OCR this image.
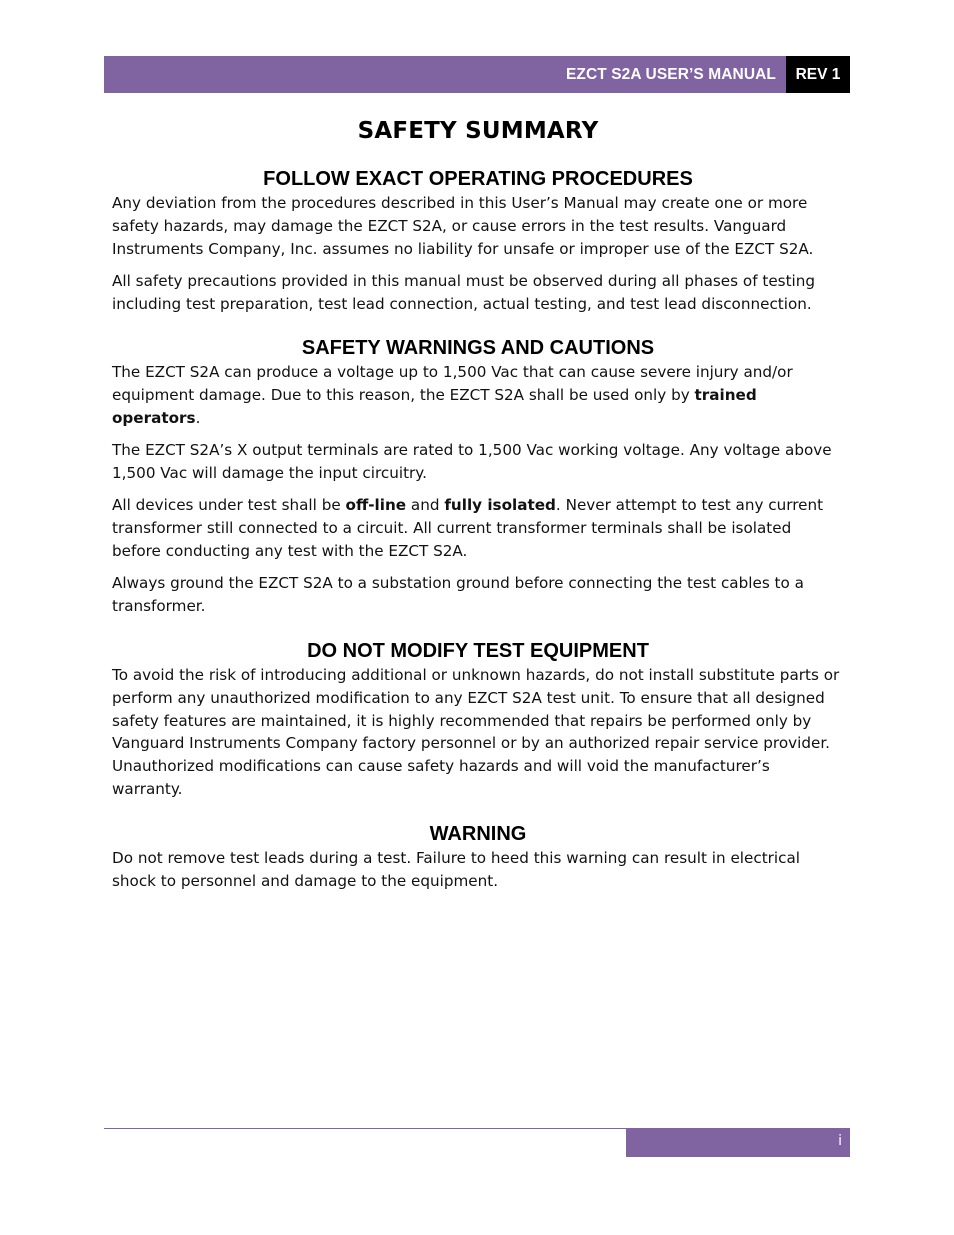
EZCT S2A USER’S MANUAL	REV 1
SAFETY SUMMARY
FOLLOW EXACT OPERATING PROCEDURES

Any deviation from the procedures described in this User’s Manual may create one or more safety hazards, may damage the EZCT S2A, or cause errors in the test results. Vanguard Instruments Company, Inc. assumes no liability for unsafe or improper use of the EZCT S2A.

All safety precautions provided in this manual must be observed during all phases of testing including test preparation, test lead connection, actual testing, and test lead disconnection.

SAFETY WARNINGS AND CAUTIONS

The EZCT S2A can produce a voltage up to 1,500 Vac that can cause severe injury and/or equipment damage. Due to this reason, the EZCT S2A shall be used only by trained operators.

The EZCT S2A’s X output terminals are rated to 1,500 Vac working voltage. Any voltage above 1,500 Vac will damage the input circuitry.

All devices under test shall be off-line and fully isolated. Never attempt to test any current transformer still connected to a circuit. All current transformer terminals shall be isolated before conducting any test with the EZCT S2A.

Always ground the EZCT S2A to a substation ground before connecting the test cables to a transformer.

DO NOT MODIFY TEST EQUIPMENT

To avoid the risk of introducing additional or unknown hazards, do not install substitute parts or perform any unauthorized modification to any EZCT S2A test unit. To ensure that all designed safety features are maintained, it is highly recommended that repairs be performed only by Vanguard Instruments Company factory personnel or by an authorized repair service provider. Unauthorized modifications can cause safety hazards and will void the manufacturer’s warranty.

WARNING

Do not remove test leads during a test. Failure to heed this warning can result in electrical shock to personnel and damage to the equipment.

i
